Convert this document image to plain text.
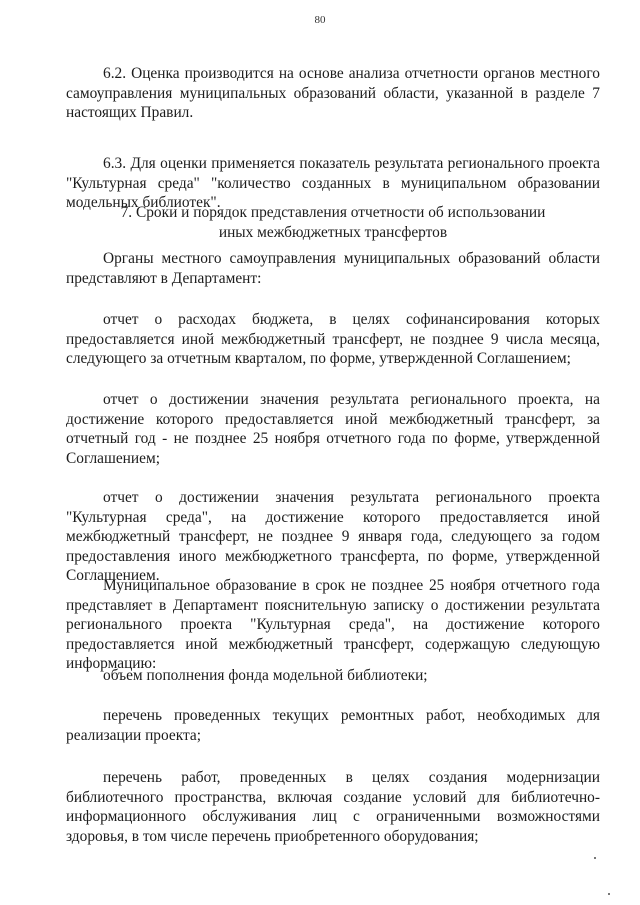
80

6.2. Оценка производится на основе анализа отчетности органов местного самоуправления муниципальных образований области, указанной в разделе 7 настоящих Правил.

6.3. Для оценки применяется показатель результата регионального проекта "Культурная среда" "количество созданных в муниципальном образовании модельных библиотек".

7. Сроки и порядок представления отчетности об использовании
иных межбюджетных трансфертов

Органы местного самоуправления муниципальных образований области представляют в Департамент:

отчет о расходах бюджета, в целях софинансирования которых предоставляется иной межбюджетный трансферт, не позднее 9 числа месяца, следующего за отчетным кварталом, по форме, утвержденной Соглашением;

отчет о достижении значения результата регионального проекта, на достижение которого предоставляется иной межбюджетный трансферт, за отчетный год - не позднее 25 ноября отчетного года по форме, утвержденной Соглашением;

отчет о достижении значения результата регионального проекта "Культурная среда", на достижение которого предоставляется иной межбюджетный трансферт, не позднее 9 января года, следующего за годом предоставления иного межбюджетного трансферта, по форме, утвержденной Соглашением.

Муниципальное образование в срок не позднее 25 ноября отчетного года представляет в Департамент пояснительную записку о достижении результата регионального проекта "Культурная среда", на достижение которого предоставляется иной межбюджетный трансферт, содержащую следующую информацию:

объем пополнения фонда модельной библиотеки;

перечень проведенных текущих ремонтных работ, необходимых для реализации проекта;

перечень работ, проведенных в целях создания модернизации библиотечного пространства, включая создание условий для библиотечно-информационного обслуживания лиц с ограниченными возможностями здоровья, в том числе перечень приобретенного оборудования;
